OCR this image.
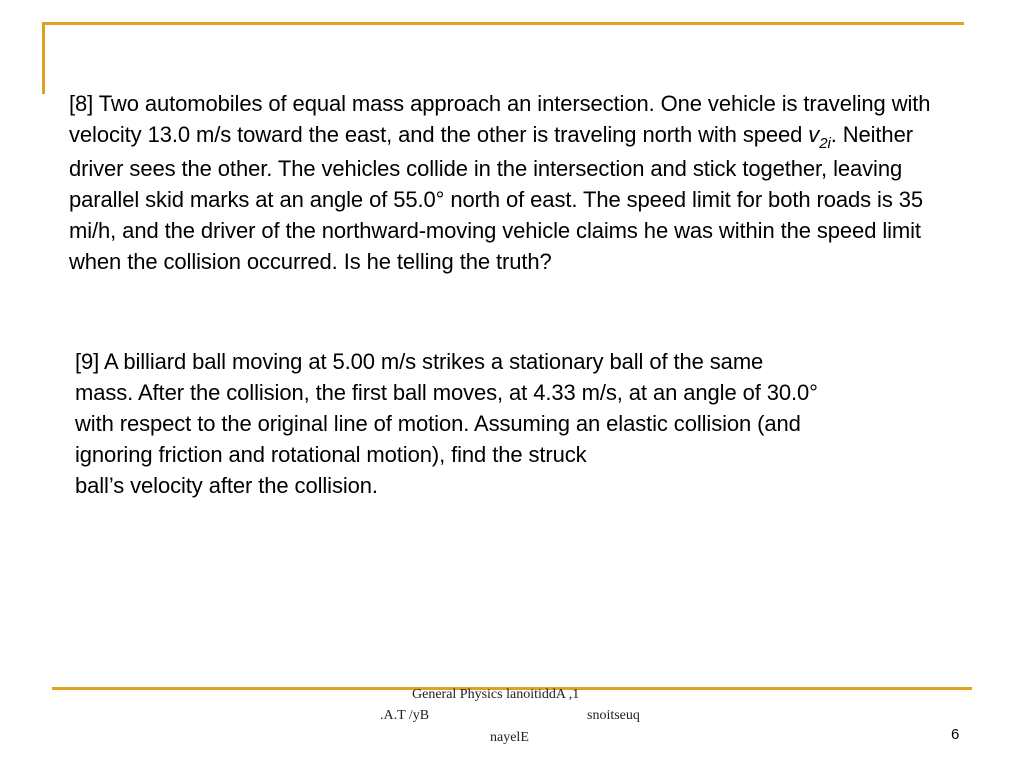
[8] Two automobiles of equal mass approach an intersection. One vehicle is traveling with velocity 13.0 m/s toward the east, and the other is traveling north with speed $v_{2i}$. Neither driver sees the other. The vehicles collide in the intersection and stick together, leaving parallel skid marks at an angle of 55.0° north of east. The speed limit for both roads is 35 mi/h, and the driver of the northward-moving vehicle claims he was within the speed limit when the collision occurred. Is he telling the truth?

[9] A billiard ball moving at 5.00 m/s strikes a stationary ball of the same
mass. After the collision, the first ball moves, at 4.33 m/s, at an angle of 30.0°
with respect to the original line of motion. Assuming an elastic collision (and
ignoring friction and rotational motion), find the struck
ball’s velocity after the collision.
General Physics lanoitiddA ,1
.A.T /yB	snoitseuq
nayelE	6
